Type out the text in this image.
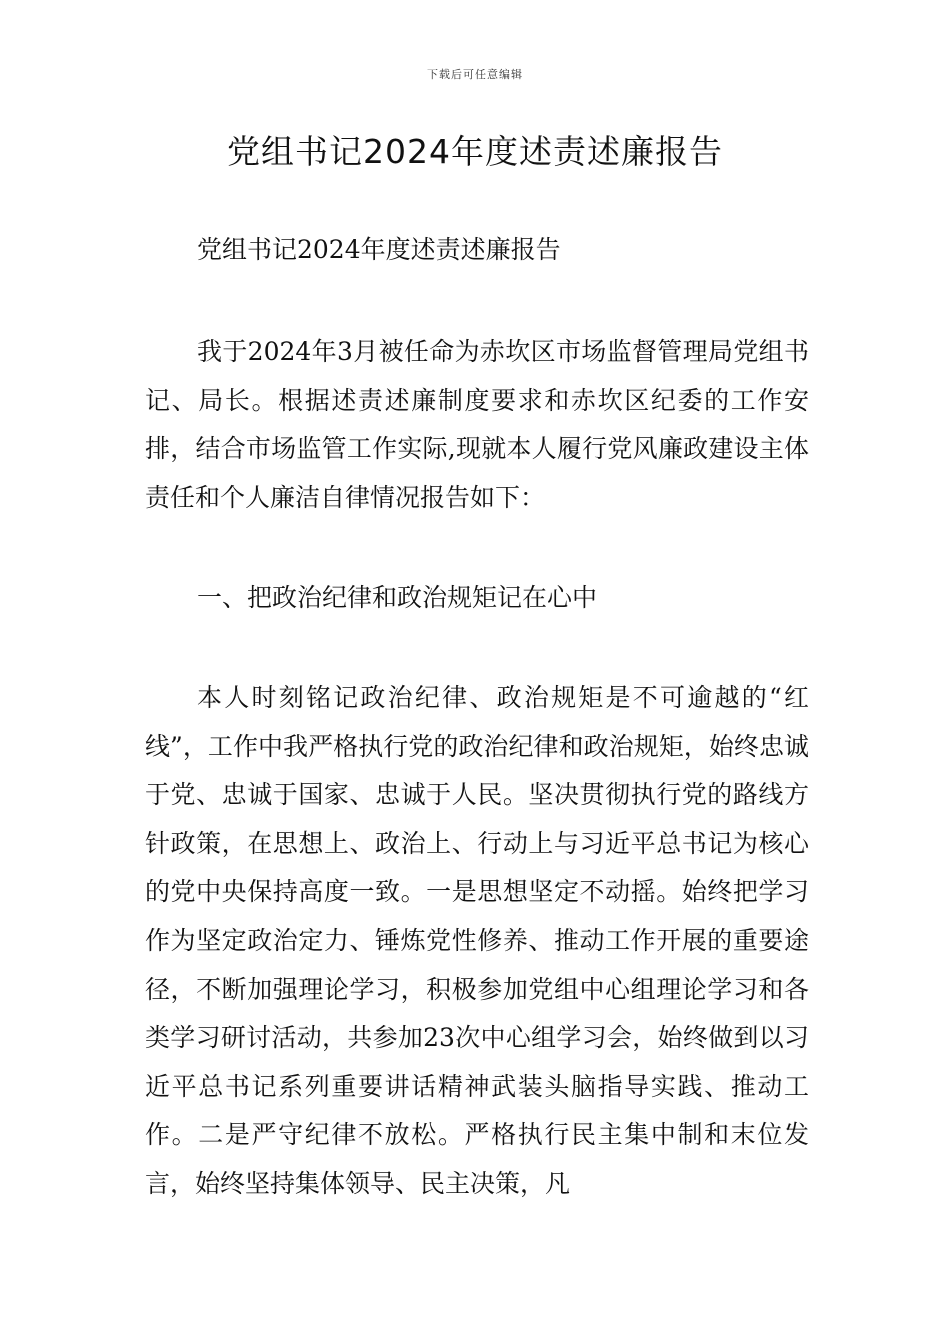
下载后可任意编辑
党组书记2024年度述责述廉报告

党组书记2024年度述责述廉报告

我于2024年3月被任命为赤坎区市场监督管理局党组书记、局长。根据述责述廉制度要求和赤坎区纪委的工作安排，结合市场监管工作实际,现就本人履行党风廉政建设主体责任和个人廉洁自律情况报告如下：

一、把政治纪律和政治规矩记在心中

本人时刻铭记政治纪律、政治规矩是不可逾越的“红线”，工作中我严格执行党的政治纪律和政治规矩，始终忠诚于党、忠诚于国家、忠诚于人民。坚决贯彻执行党的路线方针政策，在思想上、政治上、行动上与习近平总书记为核心的党中央保持高度一致。一是思想坚定不动摇。始终把学习作为坚定政治定力、锤炼党性修养、推动工作开展的重要途径，不断加强理论学习，积极参加党组中心组理论学习和各类学习研讨活动，共参加23次中心组学习会，始终做到以习近平总书记系列重要讲话精神武装头脑指导实践、推动工作。二是严守纪律不放松。严格执行民主集中制和末位发言，始终坚持集体领导、民主决策，凡
